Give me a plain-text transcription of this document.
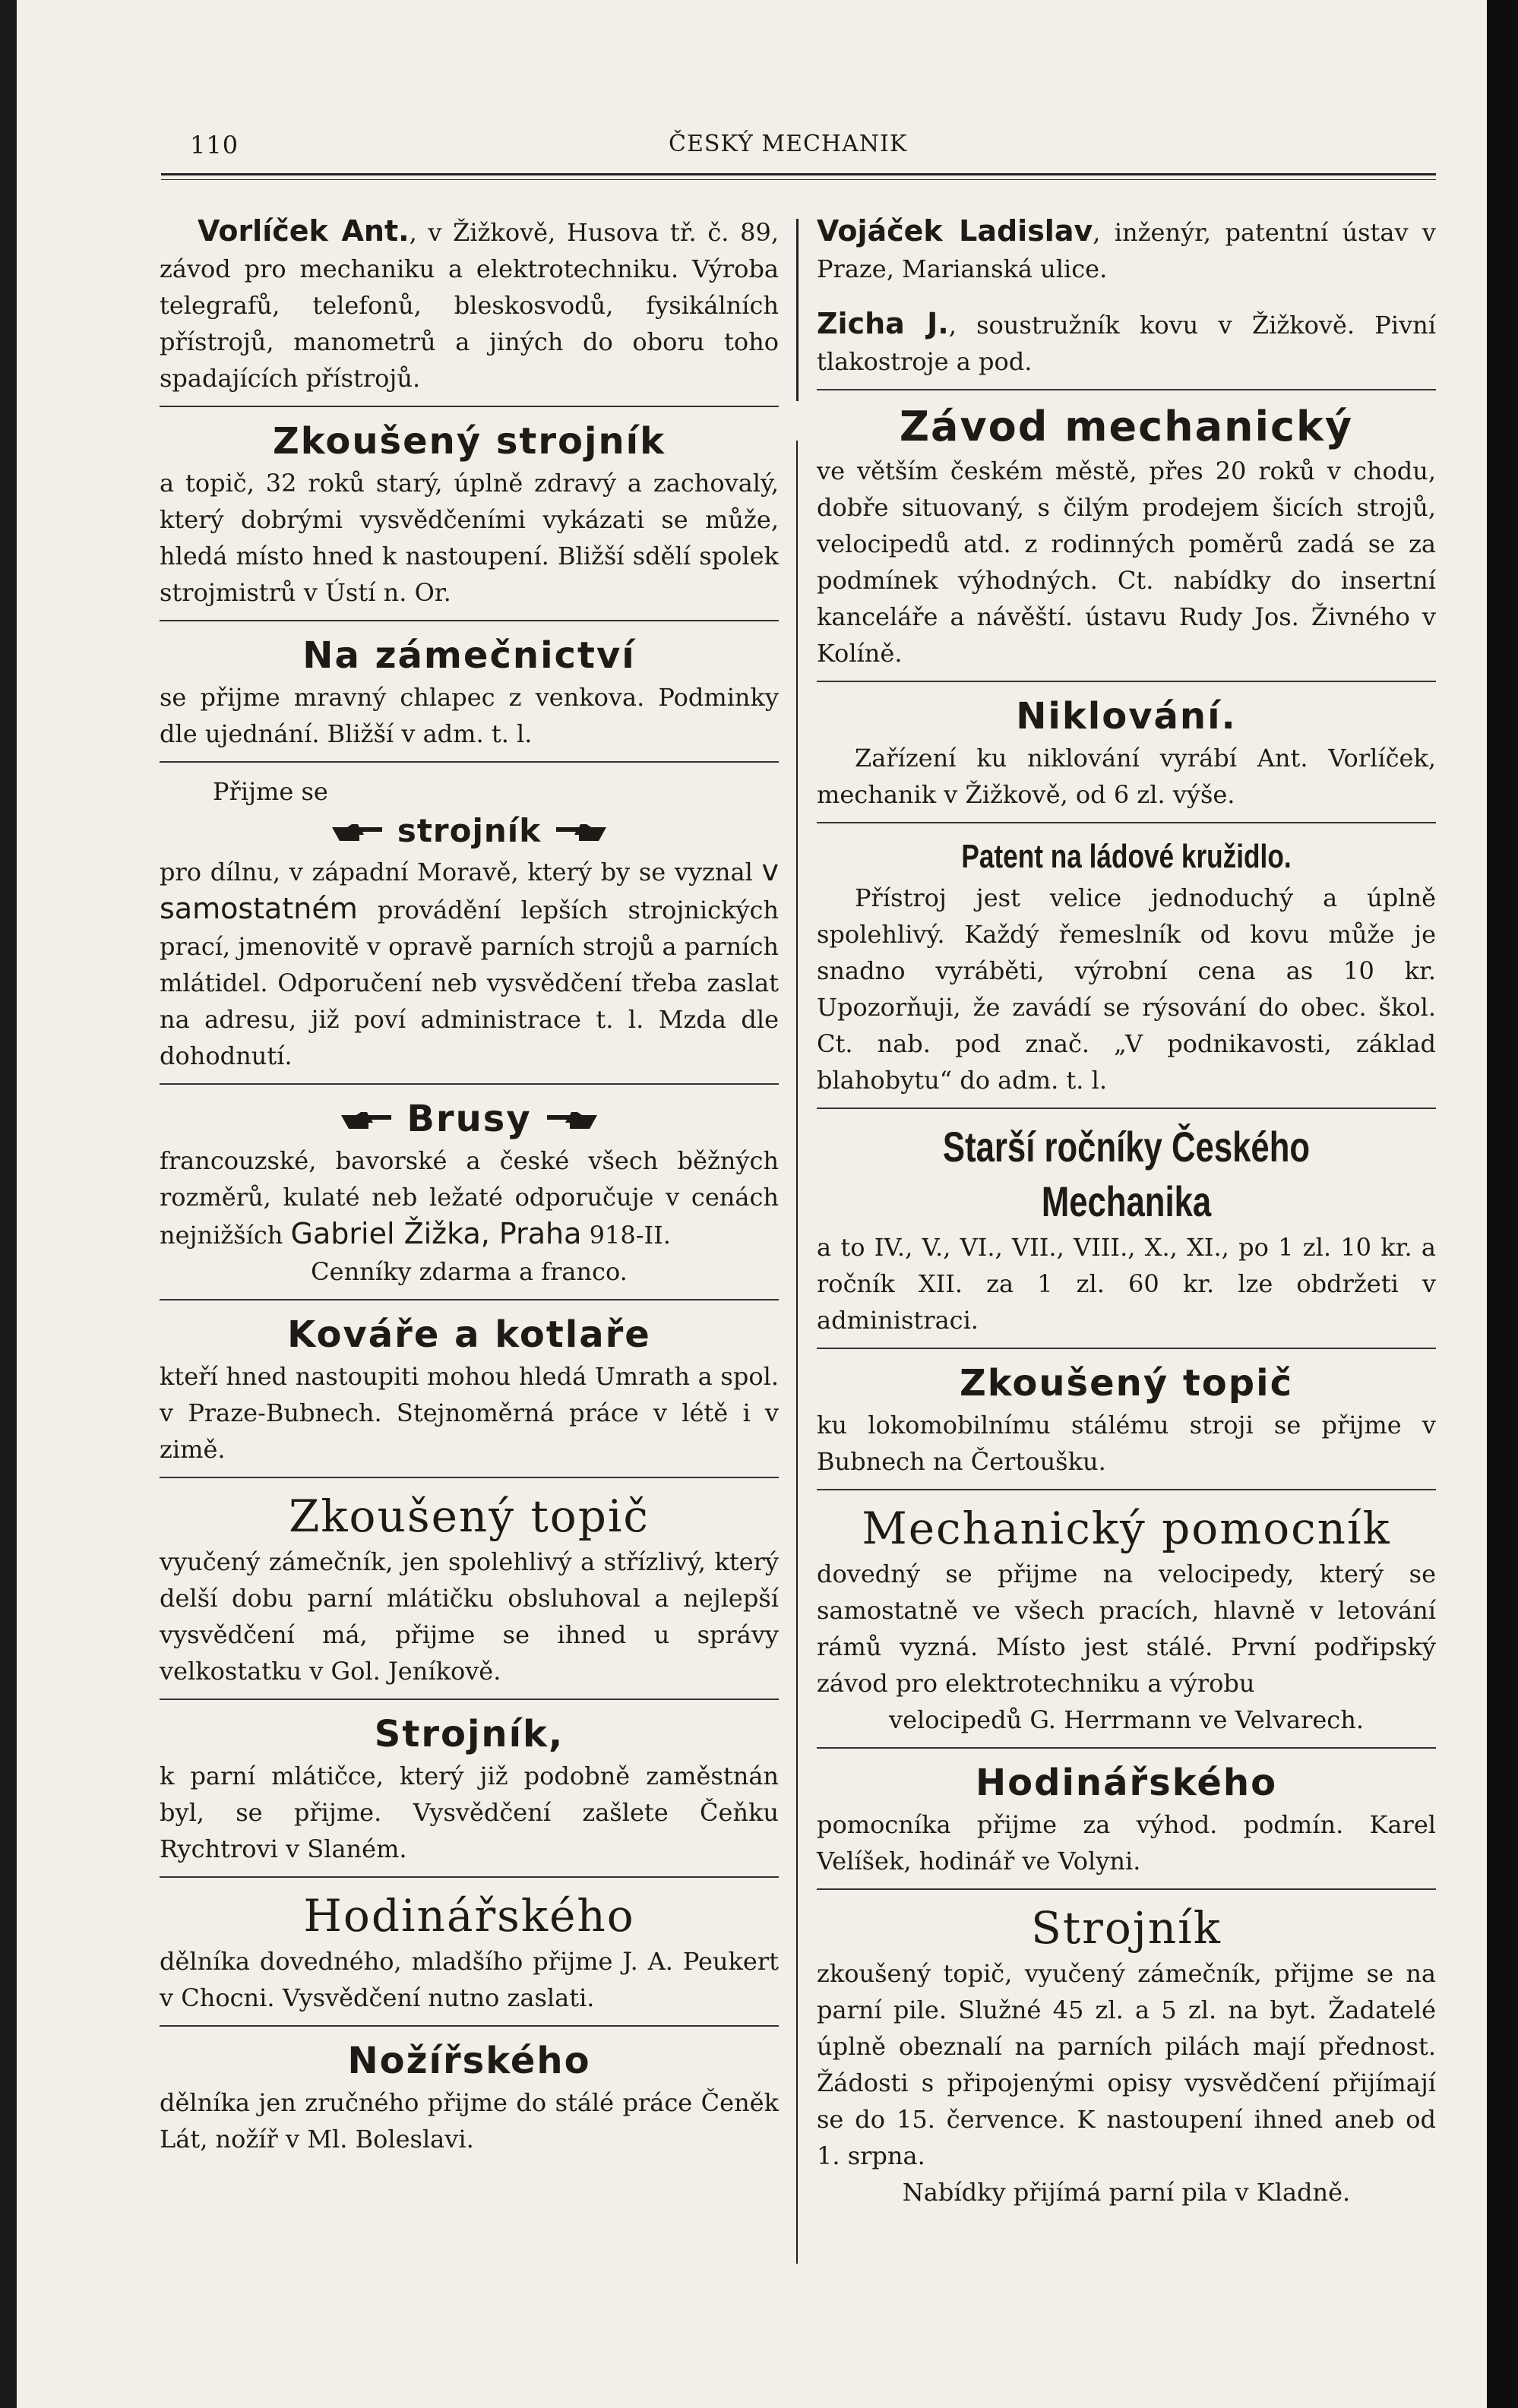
110	ČESKÝ MECHANIK
Vorlíček Ant., v Žižkově, Husova tř. č. 89, závod pro mechaniku a elektrotechniku. Výroba telegrafů, telefonů, bleskosvodů, fysikálních přístrojů, manometrů a jiných do oboru toho spadajících přístrojů.
Zkoušený strojník
a topič, 32 roků starý, úplně zdravý a zachovalý, který dobrými vysvědčeními vykázati se může, hledá místo hned k nastoupení. Bližší sdělí spolek strojmistrů v Ústí n. Or.
Na zámečnictví
se přijme mravný chlapec z venkova. Podminky dle ujednání. Bližší v adm. t. l.
Přijme se
strojník
pro dílnu, v západní Moravě, který by se vyznal v samostatném provádění lepších strojnických prací, jmenovitě v opravě parních strojů a parních mlátidel. Odporučení neb vysvědčení třeba zaslat na adresu, již poví administrace t. l. Mzda dle dohodnutí.
Brusy
francouzské, bavorské a české všech běžných rozměrů, kulaté neb ležaté odporučuje v cenách nejnižších Gabriel Žižka, Praha 918-II.
Cenníky zdarma a franco.
Kováře a kotlaře
kteří hned nastoupiti mohou hledá Umrath a spol. v Praze-Bubnech. Stejnoměrná práce v létě i v zimě.
Zkoušený topič
vyučený zámečník, jen spolehlivý a střízlivý, který delší dobu parní mlátičku obsluhoval a nejlepší vysvědčení má, přijme se ihned u správy velkostatku v Gol. Jeníkově.
Strojník,
k parní mlátičce, který již podobně zaměstnán byl, se přijme. Vysvědčení zašlete Čeňku Rychtrovi v Slaném.
Hodinářského
dělníka dovedného, mladšího přijme J. A. Peukert v Chocni. Vysvědčení nutno zaslati.
Nožířského
dělníka jen zručného přijme do stálé práce Čeněk Lát, nožíř v Ml. Boleslavi.
Vojáček Ladislav, inženýr, patentní ústav v Praze, Marianská ulice.
Zicha J., soustružník kovu v Žižkově. Pivní tlakostroje a pod.
Závod mechanický
ve větším českém městě, přes 20 roků v chodu, dobře situovaný, s čilým prodejem šicích strojů, velocipedů atd. z rodinných poměrů zadá se za podmínek výhodných. Ct. nabídky do insertní kanceláře a návěští. ústavu Rudy Jos. Živného v Kolíně.
Niklování.
Zařízení ku niklování vyrábí Ant. Vorlíček, mechanik v Žižkově, od 6 zl. výše.
Patent na ládové kružidlo.
Přístroj jest velice jednoduchý a úplně spolehlivý. Každý řemeslník od kovu může je snadno vyráběti, výrobní cena as 10 kr. Upozorňuji, že zavádí se rýsování do obec. škol. Ct. nab. pod znač. „V podnikavosti, základ blahobytu“ do adm. t. l.
Starší ročníky Českého Mechanika
a to IV., V., VI., VII., VIII., X., XI., po 1 zl. 10 kr. a ročník XII. za 1 zl. 60 kr. lze obdržeti v administraci.
Zkoušený topič
ku lokomobilnímu stálému stroji se přijme v Bubnech na Čertoušku.
Mechanický pomocník
dovedný se přijme na velocipedy, který se samostatně ve všech pracích, hlavně v letování rámů vyzná. Místo jest stálé. První podřipský závod pro elektrotechniku a výrobu
velocipedů G. Herrmann ve Velvarech.
Hodinářského
pomocníka přijme za výhod. podmín. Karel Velíšek, hodinář ve Volyni.
Strojník
zkoušený topič, vyučený zámečník, přijme se na parní pile. Služné 45 zl. a 5 zl. na byt. Žadatelé úplně obeznalí na parních pilách mají přednost. Žádosti s připojenými opisy vysvědčení přijímají se do 15. července. K nastoupení ihned aneb od 1. srpna.
Nabídky přijímá parní pila v Kladně.
